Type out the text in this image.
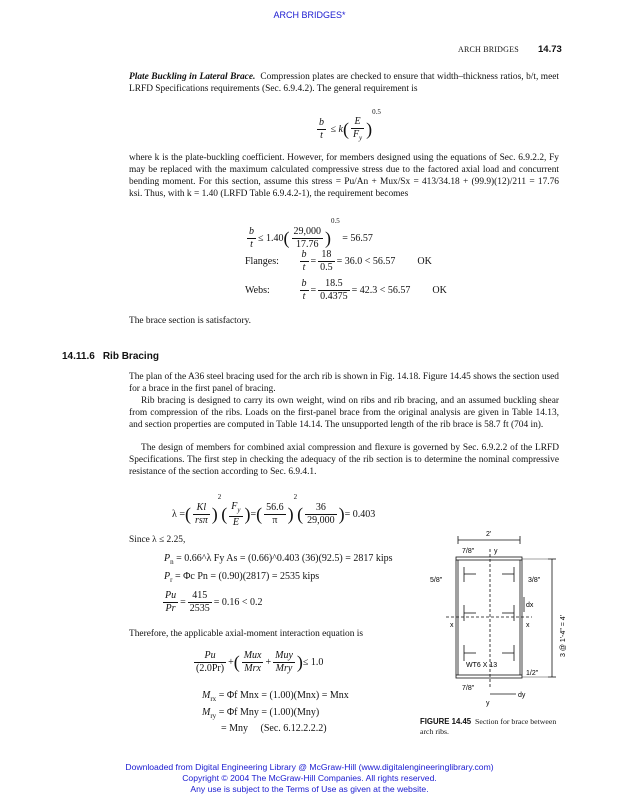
ARCH BRIDGES*
ARCH BRIDGES 14.73
Plate Buckling in Lateral Brace. Compression plates are checked to ensure that width–thickness ratios, b/t, meet LRFD Specifications requirements (Sec. 6.9.4.2). The general requirement is
$\frac{b}{t} \le k( \frac{E}{F_y} )^{0.5}$
where k is the plate-buckling coefficient. However, for members designed using the equations of Sec. 6.9.2.2, Fy may be replaced with the maximum calculated compressive stress due to the factored axial load and concurrent bending moment. For this section, assume this stress = Pu/An + Mux/Sx = 413/34.18 + (99.9)(12)/211 = 17.76 ksi. Thus, with k = 1.40 (LRFD Table 6.9.4.2-1), the requirement becomes
$\frac{b}{t} \le 1.40( \frac{29,000}{17.76} )^{0.5} = 56.57$
Flanges: $\frac{b}{t} = \frac{18}{0.5} = 36.0 < 56.57$ OK
Webs:	$\frac{b}{t} = \frac{18.5}{0.4375} = 42.3 < 56.57$ OK
The brace section is satisfactory.
14.11.6 Rib Bracing
The plan of the A36 steel bracing used for the arch rib is shown in Fig. 14.18. Figure 14.45 shows the section used for a brace in the first panel of bracing.
Rib bracing is designed to carry its own weight, wind on ribs and rib bracing, and an assumed buckling shear from compression of the ribs. Loads on the first-panel brace from the original analysis are given in Table 14.13, and section properties are computed in Table 14.14. The unsupported length of the rib brace is 58.7 ft (704 in).
The design of members for combined axial compression and flexure is governed by Sec. 6.9.2.2 of the LRFD Specifications. The first step in checking the adequacy of the rib section is to determine the nominal compressive resistance of the section according to Sec. 6.9.4.1.
λ =( $\frac{Kl}{\text{rsπ}} )^2( \frac{F_y}{E}$ )=( $\frac{56.6}{\pi} )^2( \frac{36}{29,000}$ )= 0.403
Since λ ≤ 2.25,
$P_n$ = 0.66^λ Fy As = (0.66)^0.403 (36)(92.5) = 2817 kips
$P_r = \Phi c$ Pn = (0.90)(2817) = 2535 kips
$\frac{Pu}{Pr} = \frac{415}{2535} = 0.16 < 0.2$
Therefore, the applicable axial-moment interaction equation is
$\frac{Pu}{(2.0Pr)}$ +( $\frac{\text{Mux}}{\text{Mrx}} + \frac{\text{Muy}}{\text{Mry}}$ )≤ 1.0
$M_{rx} = \Phi f$ Mnx = (1.00)(Mnx) = Mnx
$M_{ry} = \Phi f$ Mny = (1.00)(Mny)
= Mny (Sec. 6.12.2.2.2)
2'
7/8"	y
5/8"	3/8"
x	x
dx
WT6 X 13
1/2"
7/8"
y
dy
3 @ 1'-4" = 4'
FIGURE 14.45 Section for brace between arch ribs.
Downloaded from Digital Engineering Library @ McGraw-Hill (www.digitalengineeringlibrary.com)
Copyright © 2004 The McGraw-Hill Companies. All rights reserved.
Any use is subject to the Terms of Use as given at the website.
